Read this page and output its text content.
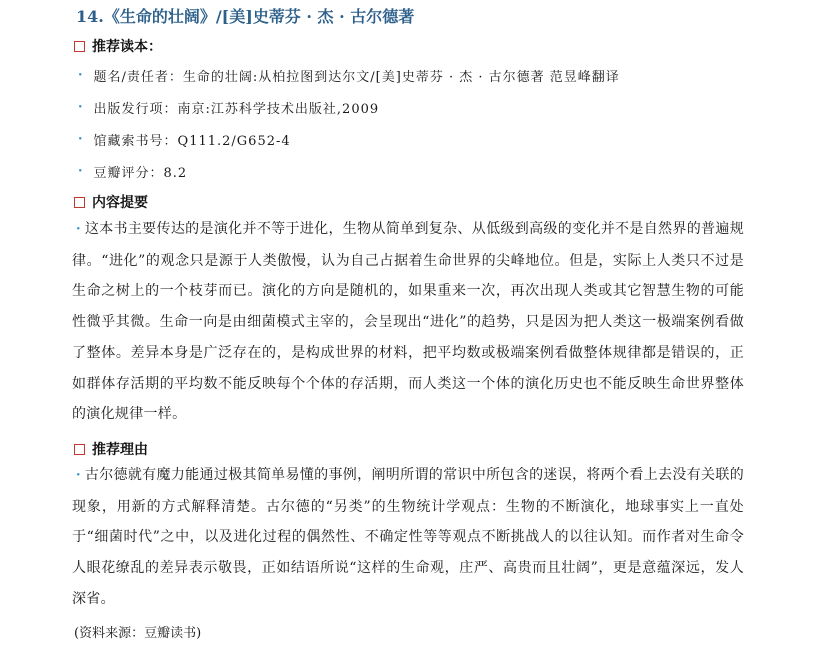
14.《生命的壮阔》/[美]史蒂芬 · 杰 · 古尔德著
推荐读本：
· 题名/责任者：生命的壮阔:从柏拉图到达尔文/[美]史蒂芬 · 杰 · 古尔德著 范昱峰翻译
· 出版发行项：南京:江苏科学技术出版社,2009
· 馆藏索书号：Q111.2/G652-4
· 豆瓣评分：8.2
内容提要
· 这本书主要传达的是演化并不等于进化，生物从简单到复杂、从低级到高级的变化并不是自然界的普遍规律。“进化”的观念只是源于人类傲慢，认为自己占据着生命世界的尖峰地位。但是，实际上人类只不过是生命之树上的一个枝芽而已。演化的方向是随机的，如果重来一次，再次出现人类或其它智慧生物的可能性微乎其微。生命一向是由细菌模式主宰的，会呈现出“进化”的趋势，只是因为把人类这一极端案例看做了整体。差异本身是广泛存在的，是构成世界的材料，把平均数或极端案例看做整体规律都是错误的，正如群体存活期的平均数不能反映每个个体的存活期，而人类这一个体的演化历史也不能反映生命世界整体的演化规律一样。
推荐理由
· 古尔德就有魔力能通过极其简单易懂的事例，阐明所谓的常识中所包含的迷误，将两个看上去没有关联的现象，用新的方式解释清楚。古尔德的“另类”的生物统计学观点：生物的不断演化，地球事实上一直处于“细菌时代”之中，以及进化过程的偶然性、不确定性等等观点不断挑战人的以往认知。而作者对生命令人眼花缭乱的差异表示敬畏，正如结语所说“这样的生命观，庄严、高贵而且壮阔”，更是意蕴深远，发人深省。
(资料来源：豆瓣读书)
